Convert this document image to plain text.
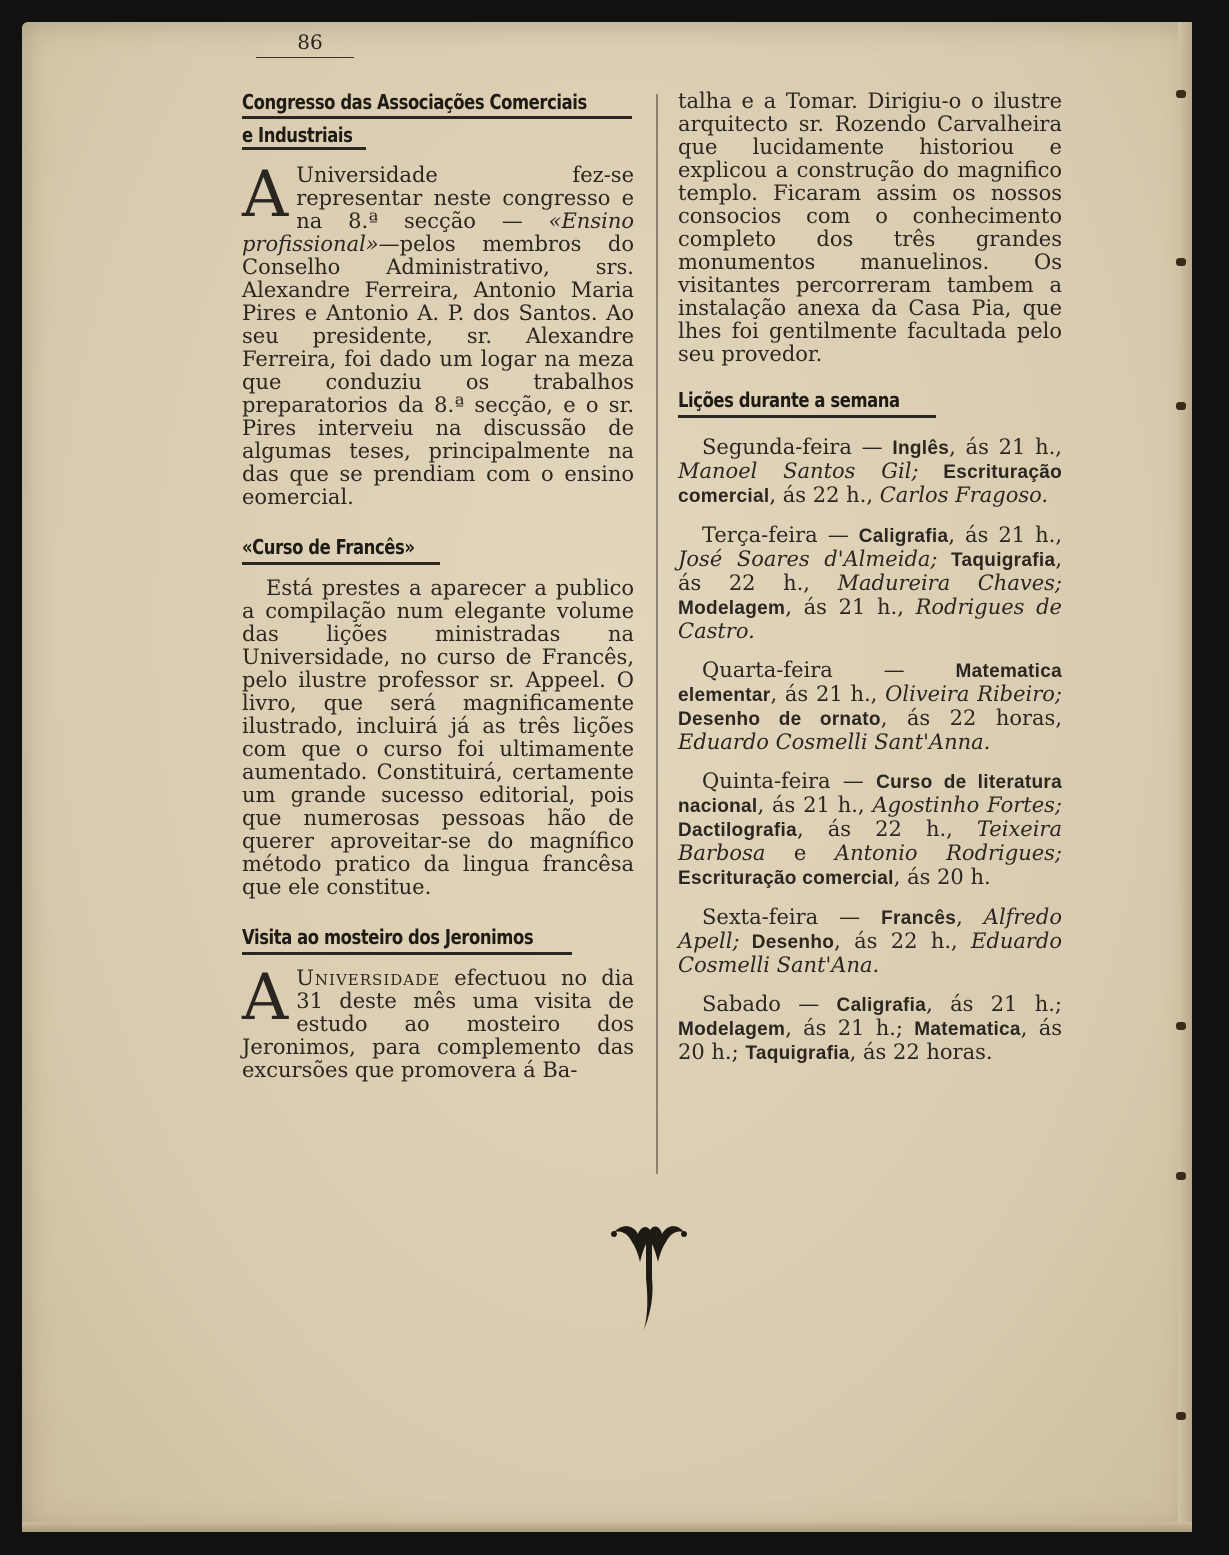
86
Congresso das Associações Comerciais
e Industriais

A Universidade fez-se representar neste congresso e na 8.ª secção — «Ensino profissional»—pelos membros do Conselho Administrativo, srs. Alexandre Ferreira, Antonio Maria Pires e Antonio A. P. dos Santos. Ao seu presidente, sr. Alexandre Ferreira, foi dado um logar na meza que conduziu os trabalhos preparatorios da 8.ª secção, e o sr. Pires interveiu na discussão de algumas teses, principalmente na das que se prendiam com o ensino eomercial.

«Curso de Francês»

Está prestes a aparecer a publico a compilação num elegante volume das lições ministradas na Universidade, no curso de Francês, pelo ilustre professor sr. Appeel. O livro, que será magnificamente ilustrado, incluirá já as três lições com que o curso foi ultimamente aumentado. Constituirá, certamente um grande sucesso editorial, pois que numerosas pessoas hão de querer aproveitar-se do magnífico método pratico da lingua francêsa que ele constitue.

Visita ao mosteiro dos Jeronimos

A Universidade efectuou no dia 31 deste mês uma visita de estudo ao mosteiro dos Jeronimos, para complemento das excursões que promovera á Ba-

talha e a Tomar. Dirigiu-o o ilustre arquitecto sr. Rozendo Carvalheira que lucidamente historiou e explicou a construção do magnifico templo. Ficaram assim os nossos consocios com o conhecimento completo dos três grandes monumentos manuelinos. Os visitantes percorreram tambem a instalação anexa da Casa Pia, que lhes foi gentilmente facultada pelo seu provedor.

Lições durante a semana

Segunda-feira — Inglês, ás 21 h., Manoel Santos Gil; Escrituração comercial, ás 22 h., Carlos Fragoso.

Terça-feira — Caligrafia, ás 21 h., José Soares d'Almeida; Taquigrafia, ás 22 h., Madureira Chaves; Modelagem, ás 21 h., Rodrigues de Castro.

Quarta-feira — Matematica elementar, ás 21 h., Oliveira Ribeiro; Desenho de ornato, ás 22 horas, Eduardo Cosmelli Sant'Anna.

Quinta-feira — Curso de literatura nacional, ás 21 h., Agostinho Fortes; Dactilografia, ás 22 h., Teixeira Barbosa e Antonio Rodrigues; Escrituração comercial, ás 20 h.

Sexta-feira — Francês, Alfredo Apell; Desenho, ás 22 h., Eduardo Cosmelli Sant'Ana.

Sabado — Caligrafia, ás 21 h.; Modelagem, ás 21 h.; Matematica, ás 20 h.; Taquigrafia, ás 22 horas.
